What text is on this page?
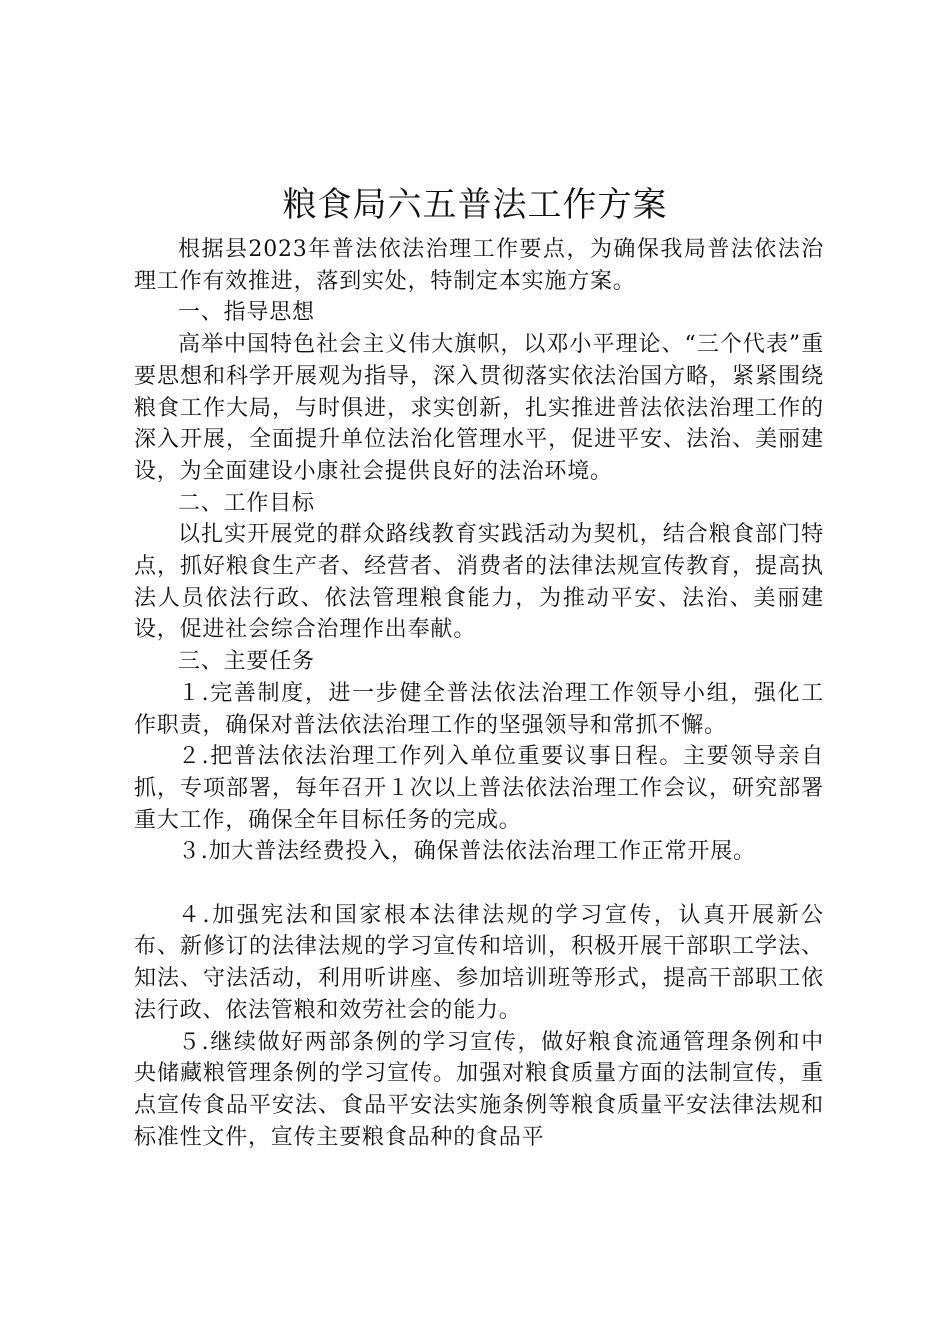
粮食局六五普法工作方案

根据县2023年普法依法治理工作要点，为确保我局普法依法治理工作有效推进，落到实处，特制定本实施方案。

一、指导思想

高举中国特色社会主义伟大旗帜，以邓小平理论、“三个代表”重要思想和科学开展观为指导，深入贯彻落实依法治国方略，紧紧围绕粮食工作大局，与时俱进，求实创新，扎实推进普法依法治理工作的深入开展，全面提升单位法治化管理水平，促进平安、法治、美丽建设，为全面建设小康社会提供良好的法治环境。

二、工作目标

以扎实开展党的群众路线教育实践活动为契机，结合粮食部门特点，抓好粮食生产者、经营者、消费者的法律法规宣传教育，提高执法人员依法行政、依法管理粮食能力，为推动平安、法治、美丽建设，促进社会综合治理作出奉献。

三、主要任务

１.完善制度，进一步健全普法依法治理工作领导小组，强化工作职责，确保对普法依法治理工作的坚强领导和常抓不懈。

２.把普法依法治理工作列入单位重要议事日程。主要领导亲自抓，专项部署，每年召开１次以上普法依法治理工作会议，研究部署重大工作，确保全年目标任务的完成。

３.加大普法经费投入，确保普法依法治理工作正常开展。

４.加强宪法和国家根本法律法规的学习宣传，认真开展新公布、新修订的法律法规的学习宣传和培训，积极开展干部职工学法、知法、守法活动，利用听讲座、参加培训班等形式，提高干部职工依法行政、依法管粮和效劳社会的能力。

５.继续做好两部条例的学习宣传，做好粮食流通管理条例和中央储藏粮管理条例的学习宣传。加强对粮食质量方面的法制宣传，重点宣传食品平安法、食品平安法实施条例等粮食质量平安法律法规和标准性文件，宣传主要粮食品种的食品平
